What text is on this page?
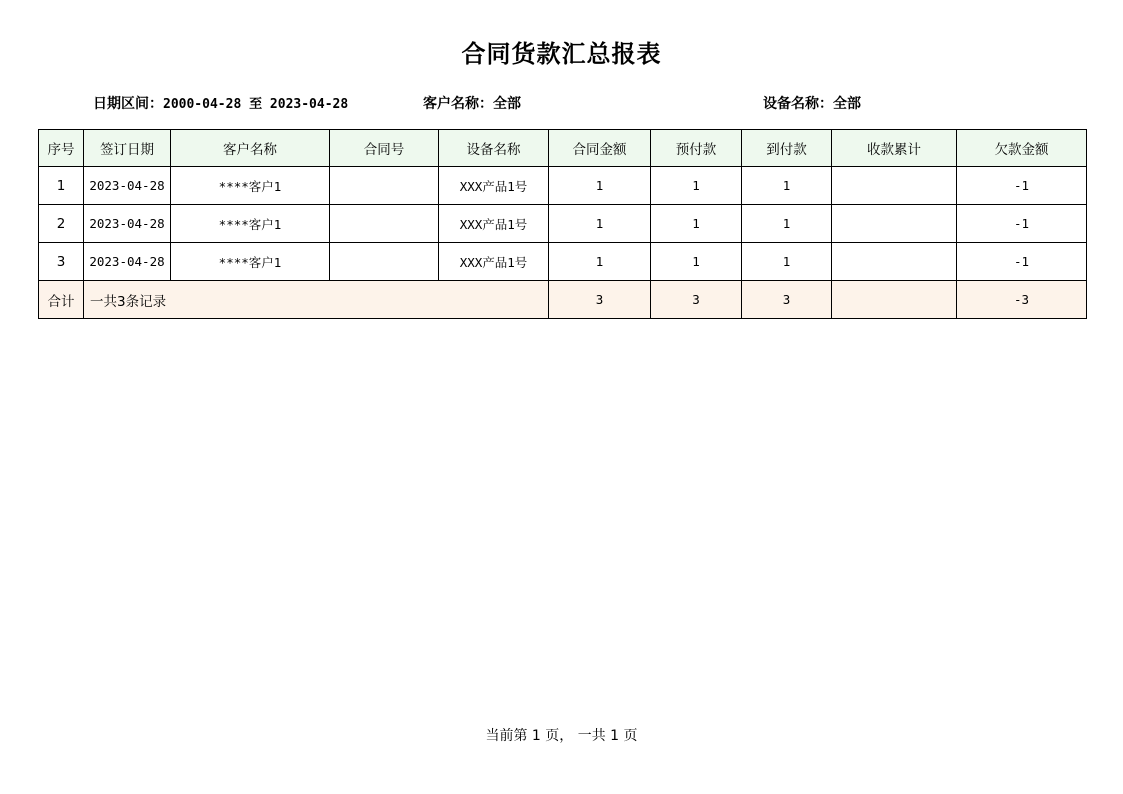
合同货款汇总报表
日期区间：2000-04-28 至 2023-04-28	客户名称：全部	设备名称：全部
序号	签订日期	客户名称	合同号	设备名称	合同金额	预付款	到付款	收款累计	欠款金额
1	2023-04-28	****客户1		XXX产品1号	1	1	1		-1
2	2023-04-28	****客户1		XXX产品1号	1	1	1		-1
3	2023-04-28	****客户1		XXX产品1号	1	1	1		-1
合计	一共3条记录				3	3	3		-3
当前第 1 页， 一共 1 页
